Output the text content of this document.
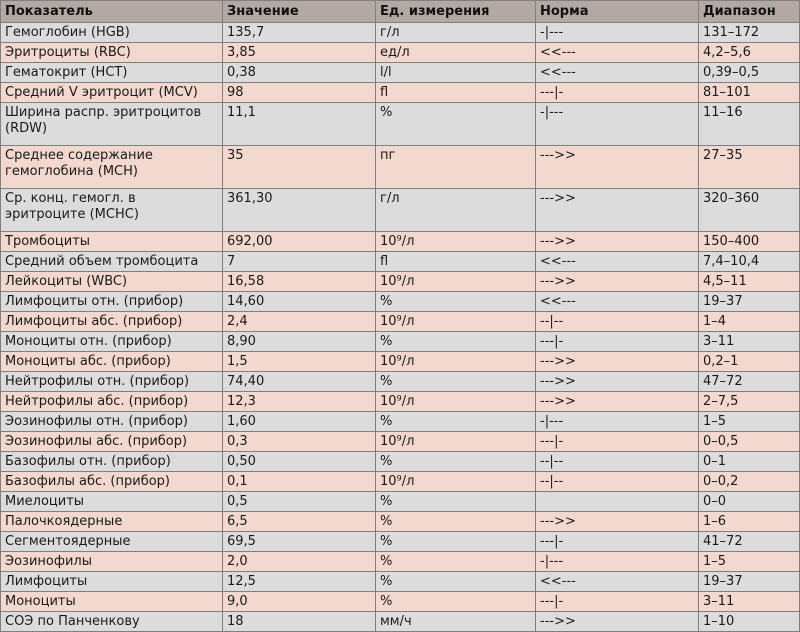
Показатель	Значение	Ед. измерения	Норма	Диапазон
Гемоглобин (HGB)	135,7	г/л	-|---	131–172
Эритроциты (RBC)	3,85	ед/л	<<---	4,2–5,6
Гематокрит (HCT)	0,38	l/l	<<---	0,39–0,5
Средний V эритроцит (MCV)	98	fl	---|-	81–101
Ширина распр. эритроцитов (RDW)	11,1	%	-|---	11–16
Среднее содержание гемоглобина (MCH)	35	пг	--->>	27–35
Ср. конц. гемогл. в эритроците (MCHC)	361,30	г/л	--->>	320–360
Тромбоциты	692,00	10⁹/л	--->>	150–400
Средний объем тромбоцита	7	fl	<<---	7,4–10,4
Лейкоциты (WBC)	16,58	10⁹/л	--->>	4,5–11
Лимфоциты отн. (прибор)	14,60	%	<<---	19–37
Лимфоциты абс. (прибор)	2,4	10⁹/л	--|--	1–4
Моноциты отн. (прибор)	8,90	%	---|-	3–11
Моноциты абс. (прибор)	1,5	10⁹/л	--->>	0,2–1
Нейтрофилы отн. (прибор)	74,40	%	--->>	47–72
Нейтрофилы абс. (прибор)	12,3	10⁹/л	--->>	2–7,5
Эозинофилы отн. (прибор)	1,60	%	-|---	1–5
Эозинофилы абс. (прибор)	0,3	10⁹/л	---|-	0–0,5
Базофилы отн. (прибор)	0,50	%	--|--	0–1
Базофилы абс. (прибор)	0,1	10⁹/л	--|--	0–0,2
Миелоциты	0,5	%		0–0
Палочкоядерные	6,5	%	--->>	1–6
Сегментоядерные	69,5	%	---|-	41–72
Эозинофилы	2,0	%	-|---	1–5
Лимфоциты	12,5	%	<<---	19–37
Моноциты	9,0	%	---|-	3–11
СОЭ по Панченкову	18	мм/ч	--->>	1–10
